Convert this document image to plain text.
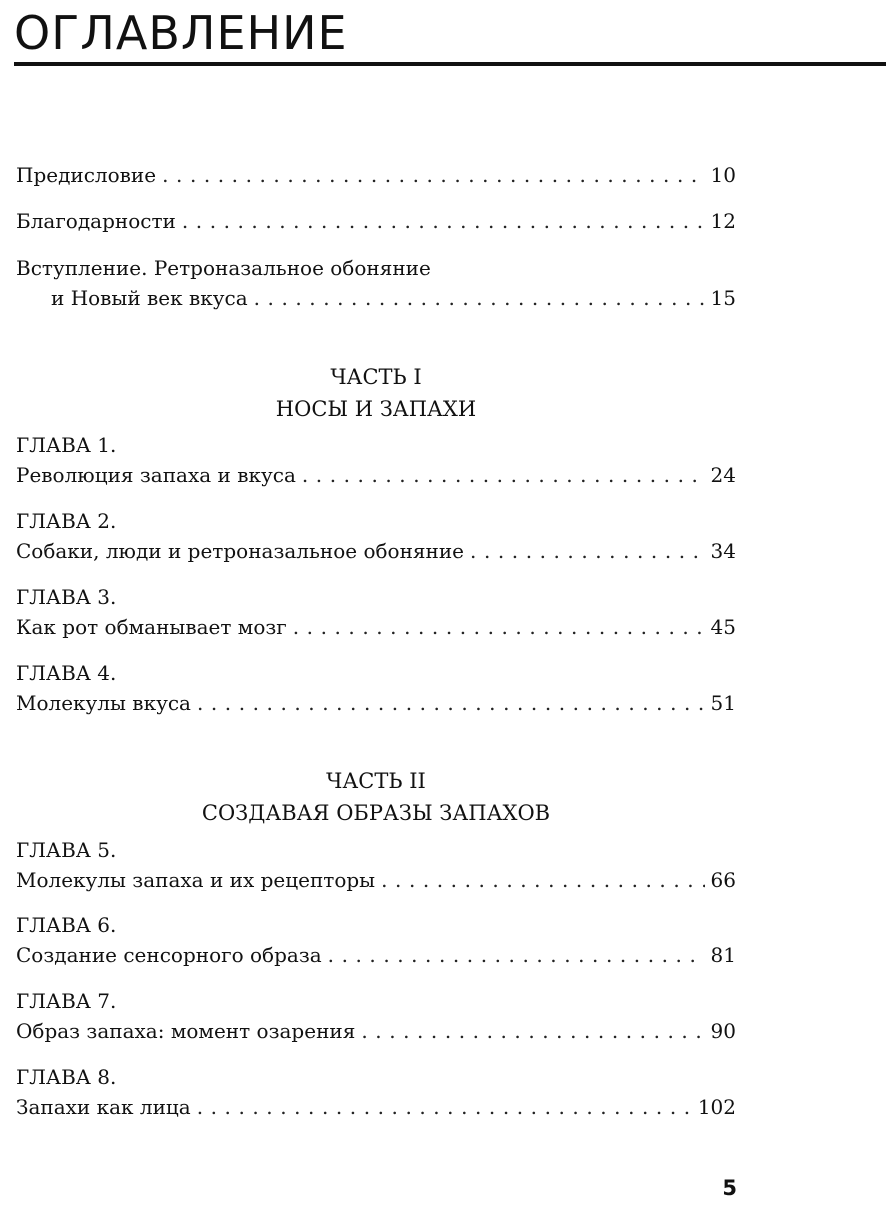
ОГЛАВЛЕНИЕ
Предисловие . . .	10
Благодарности . . .	12
Вступление. Ретроназальное обоняние
и Новый век вкуса . . .	15
ЧАСТЬ I
НОСЫ И ЗАПАХИ
ГЛАВА 1.
Революция запаха и вкуса . . .	24
ГЛАВА 2.
Собаки, люди и ретроназальное обоняние . . .	34
ГЛАВА 3.
Как рот обманывает мозг . . .	45
ГЛАВА 4.
Молекулы вкуса . . .	51
ЧАСТЬ II
СОЗДАВАЯ ОБРАЗЫ ЗАПАХОВ
ГЛАВА 5.
Молекулы запаха и их рецепторы . . .	66
ГЛАВА 6.
Создание сенсорного образа . . .	81
ГЛАВА 7.
Образ запаха: момент озарения . . .	90
ГЛАВА 8.
Запахи как лица . . .	102
5
